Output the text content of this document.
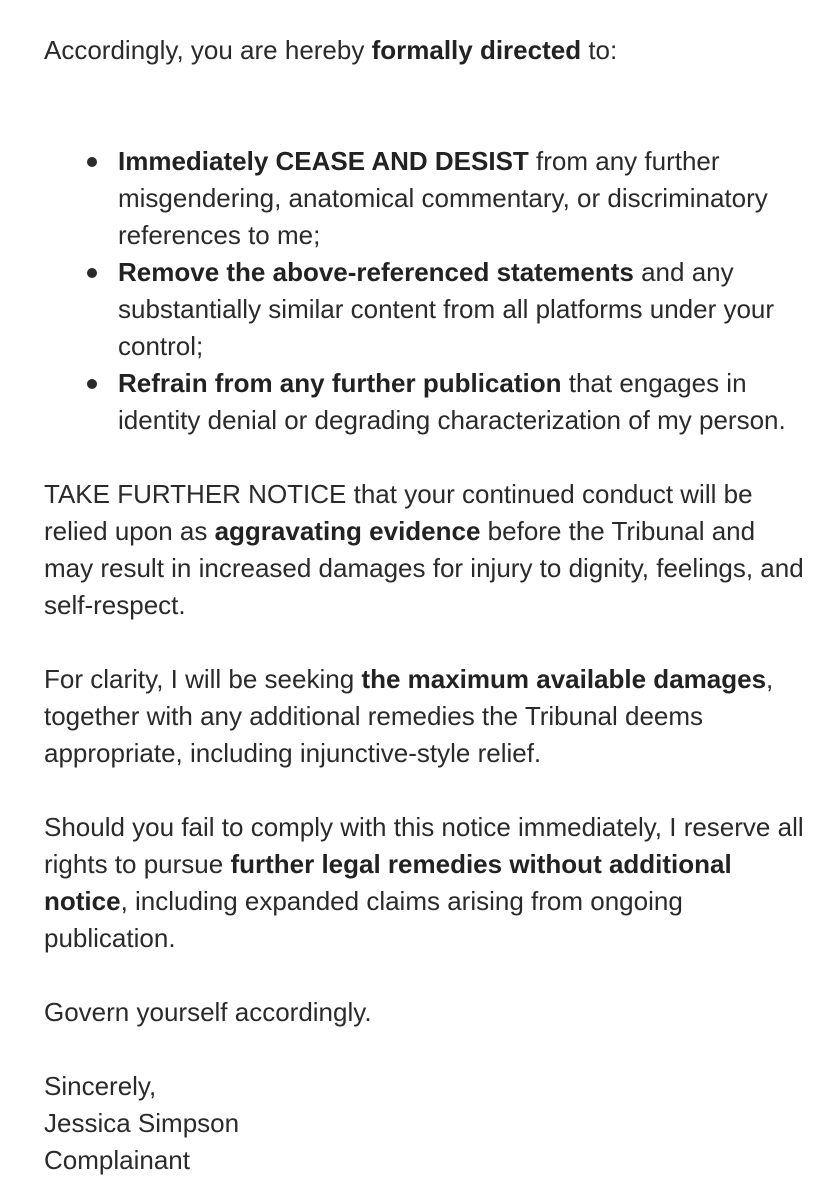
Accordingly, you are hereby formally directed to:

Immediately CEASE AND DESIST from any further misgendering, anatomical commentary, or discriminatory references to me;
Remove the above-referenced statements and any substantially similar content from all platforms under your control;
Refrain from any further publication that engages in identity denial or degrading characterization of my person.

TAKE FURTHER NOTICE that your continued conduct will be relied upon as aggravating evidence before the Tribunal and may result in increased damages for injury to dignity, feelings, and self-respect.

For clarity, I will be seeking the maximum available damages, together with any additional remedies the Tribunal deems appropriate, including injunctive-style relief.

Should you fail to comply with this notice immediately, I reserve all rights to pursue further legal remedies without additional notice, including expanded claims arising from ongoing publication.

Govern yourself accordingly.

Sincerely,

Jessica Simpson

Complainant
